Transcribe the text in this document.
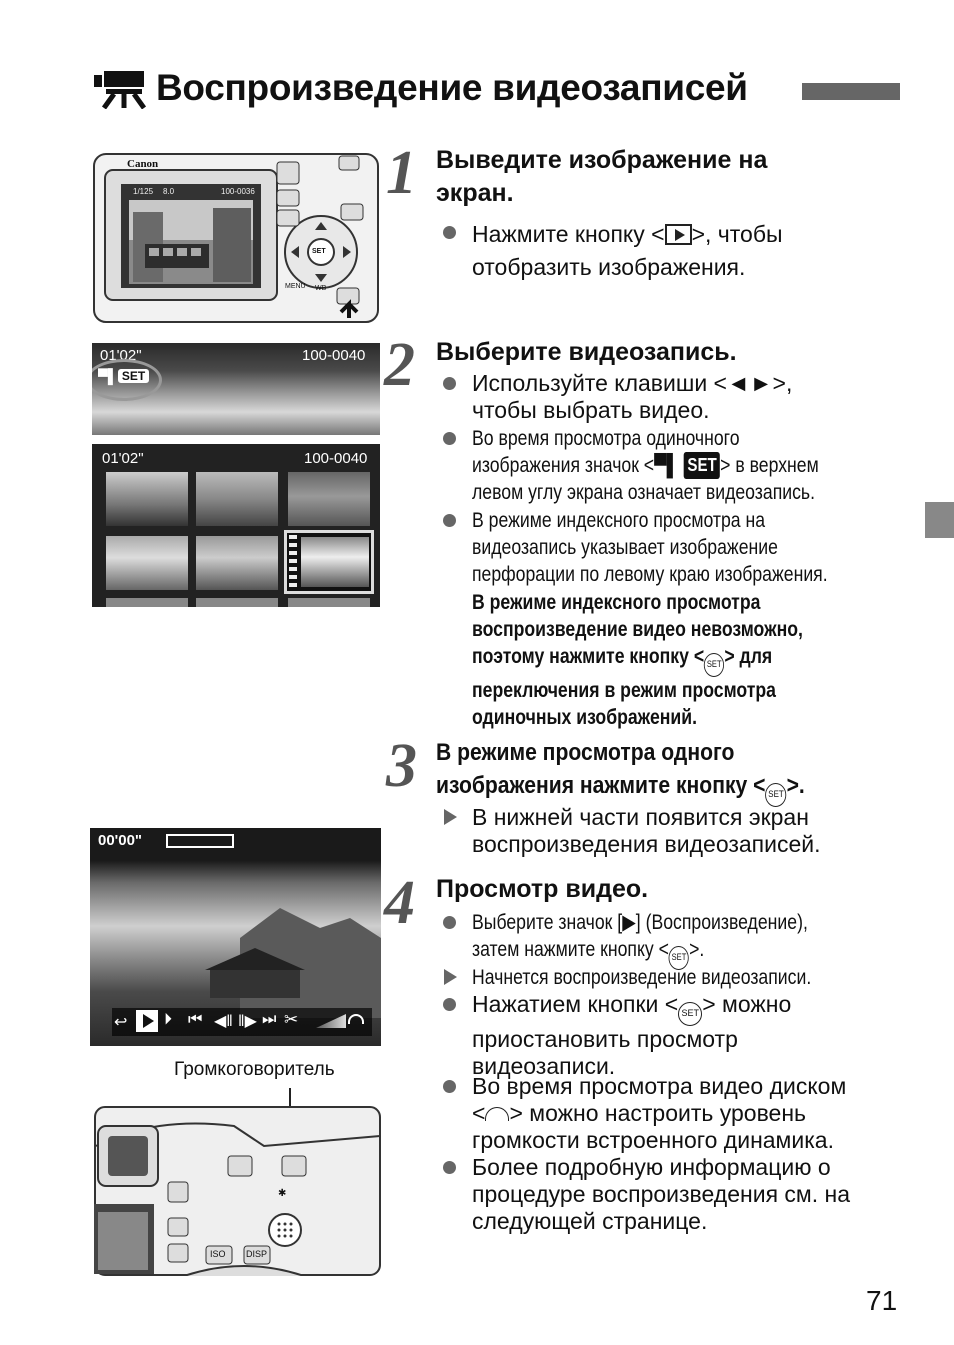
Воспроизведение видеозаписей
Canon
1/125 8.0	100-0036
SET
MENU WB
01'02"	100-0040
▀▌ SET
01'02"	100-0040
00'00"
↩ ⏵ ⏮ ◀‖ ‖▶ ⏭ ✂
Громкоговоритель
ISO DISP
✱
1 Выведите изображение на
экран.
Нажмите кнопку < >, чтобы
отобразить изображения.
2 Выберите видеозапись.
Используйте клавиши <◄►>,
чтобы выбрать видео.
Во время просмотра одиночного
изображения значок <▀▌ SET > в верхнем
левом углу экрана означает видеозапись.
В режиме индексного просмотра на
видеозапись указывает изображение
перфорации по левому краю изображения.
В режиме индексного просмотра
воспроизведение видео невозможно,
поэтому нажмите кнопку < SET > для
переключения в режим просмотра
одиночных изображений.
3 В режиме просмотра одного
изображения нажмите кнопку < SET >.
В нижней части появится экран
воспроизведения видеозаписей.
4 Просмотр видео.
Выберите значок [▶] (Воспроизведение),
затем нажмите кнопку < SET >.
Начнется воспроизведение видеозаписи.
Нажатием кнопки < SET > можно
приостановить просмотр
видеозаписи.
Во время просмотра видео диском
< > можно настроить уровень
громкости встроенного динамика.
Более подробную информацию о
процедуре воспроизведения см. на
следующей странице.
71
